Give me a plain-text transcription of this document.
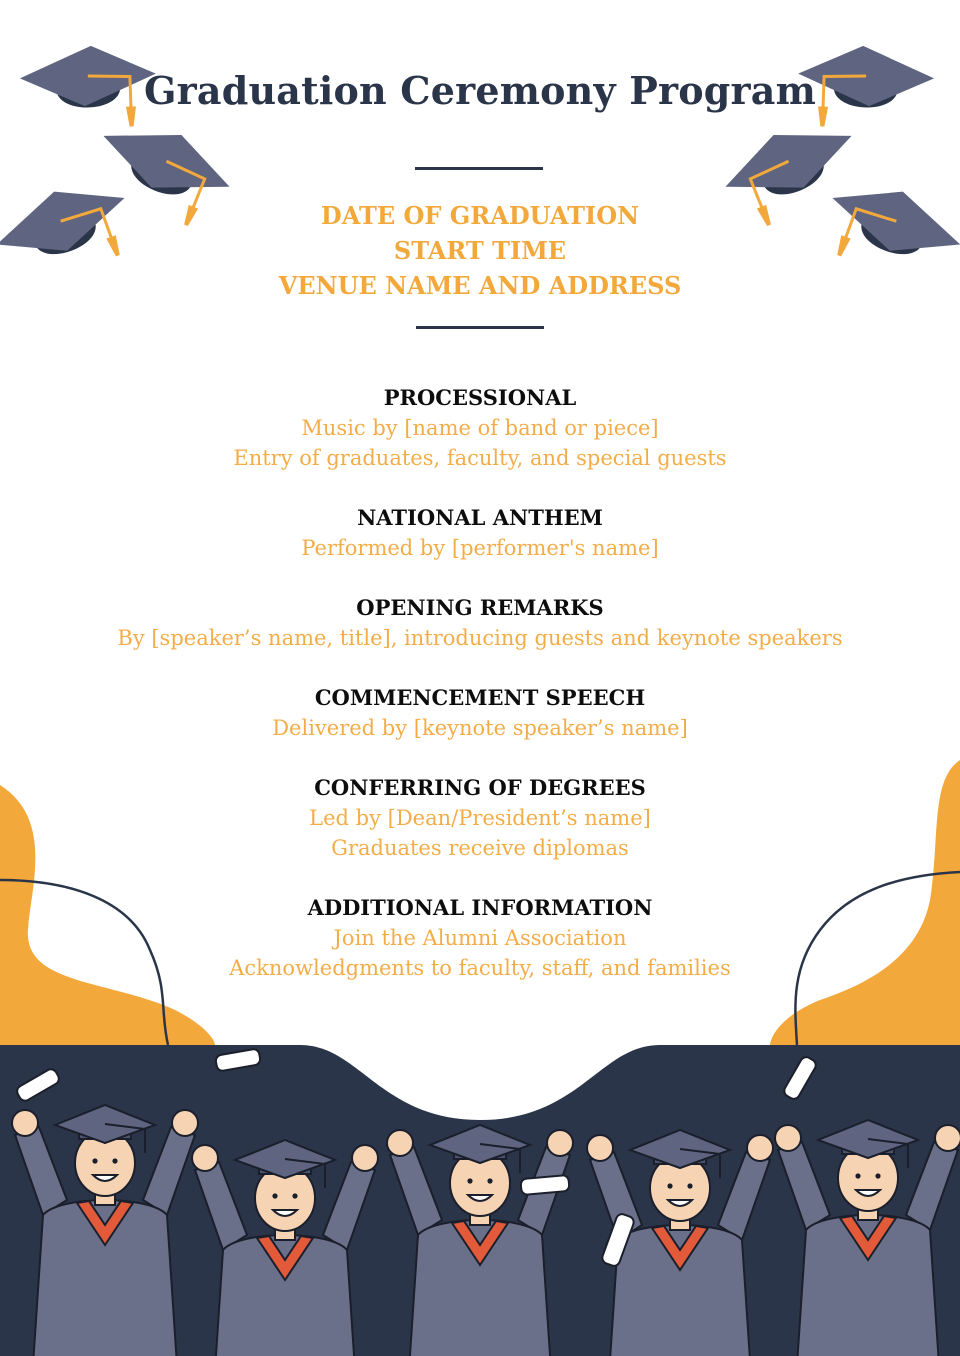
Graduation Ceremony Program
DATE OF GRADUATION
START TIME
VENUE NAME AND ADDRESS
PROCESSIONAL

Music by [name of band or piece]

Entry of graduates, faculty, and special guests

NATIONAL ANTHEM

Performed by [performer's name]

OPENING REMARKS

By [speaker’s name, title], introducing guests and keynote speakers

COMMENCEMENT SPEECH

Delivered by [keynote speaker’s name]

CONFERRING OF DEGREES

Led by [Dean/President’s name]

Graduates receive diplomas

ADDITIONAL INFORMATION

Join the Alumni Association

Acknowledgments to faculty, staff, and families
